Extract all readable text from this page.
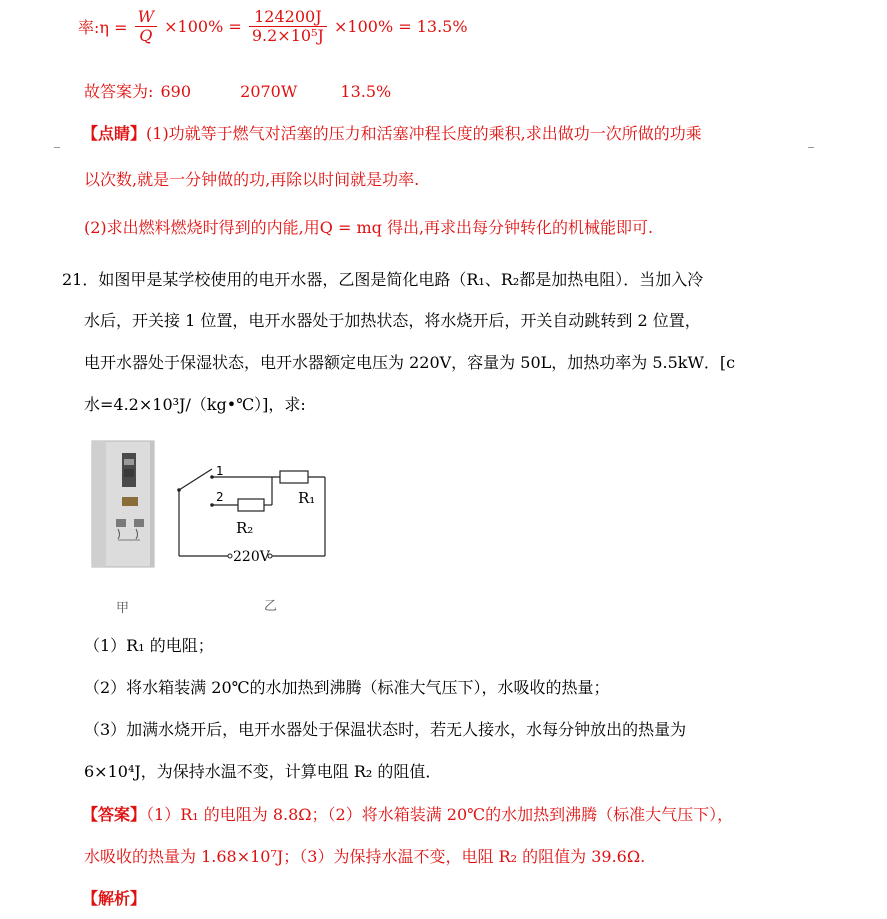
率:η = $\frac{W}{Q} \times 100\% = \frac{124200J}{\text{9.2×10⁵J}} \times 100\% = 13.5\%$
故答案为: 690	2070W	13.5%
【点睛】(1)功就等于燃气对活塞的压力和活塞冲程长度的乘积,求出做功一次所做的功乘
以次数,就是一分钟做的功,再除以时间就是功率.
(2)求出燃料燃烧时得到的内能,用Q = mq 得出,再求出每分钟转化的机械能即可.
21．如图甲是某学校使用的电开水器，乙图是简化电路（R₁、R₂都是加热电阻）．当加入冷
水后，开关接 1 位置，电开水器处于加热状态，将水烧开后，开关自动跳转到 2 位置，
电开水器处于保湿状态，电开水器额定电压为 220V，容量为 50L，加热功率为 5.5kW．[c
水=4.2×10³J/（kg•℃）]，求:
1
2	R₁
R₂
220V
甲	乙
（1）R₁ 的电阻；
（2）将水箱装满 20℃的水加热到沸腾（标准大气压下），水吸收的热量；
（3）加满水烧开后，电开水器处于保温状态时，若无人接水，水每分钟放出的热量为
6×10⁴J，为保持水温不变，计算电阻 R₂ 的阻值．
【答案】（1）R₁ 的电阻为 8.8Ω；（2）将水箱装满 20℃的水加热到沸腾（标准大气压下），
水吸收的热量为 1.68×10⁷J；（3）为保持水温不变，电阻 R₂ 的阻值为 39.6Ω.
【解析】
